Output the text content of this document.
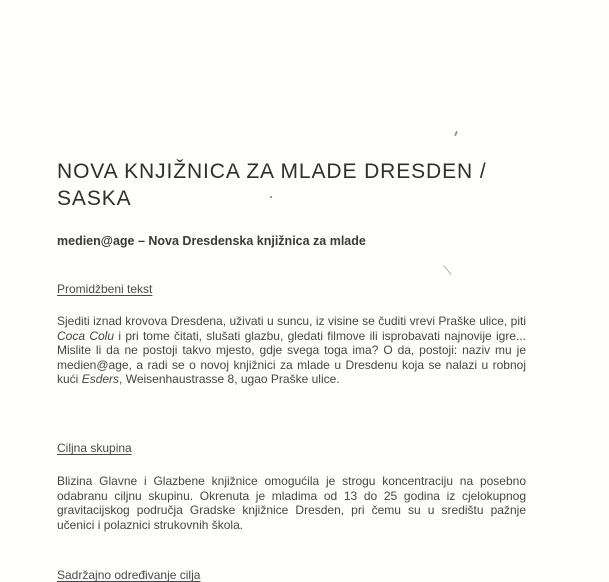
NOVA KNJIŽNICA ZA MLADE DRESDEN / SASKA

medien@age – Nova Dresdenska knjižnica za mlade

Promidžbeni tekst

Sjediti iznad krovova Dresdena, uživati u suncu, iz visine se čuditi vrevi Praške ulice, piti Coca Colu i pri tome čitati, slušati glazbu, gledati filmove ili isprobavati najnovije igre... Mislite li da ne postoji takvo mjesto, gdje svega toga ima? O da, postoji: naziv mu je medien@age, a radi se o novoj knjižnici za mlade u Dresdenu koja se nalazi u robnoj kući Esders, Weisenhaustrasse 8, ugao Praške ulice.

Ciljna skupina

Blizina Glavne i Glazbene knjižnice omogućila je strogu koncentraciju na posebno odabranu ciljnu skupinu. Okrenuta je mladima od 13 do 25 godina iz cjelokupnog gravitacijskog područja Gradske knjižnice Dresden, pri čemu su u središtu pažnje učenici i polaznici strukovnih škola.

Sadržajno određivanje cilja
